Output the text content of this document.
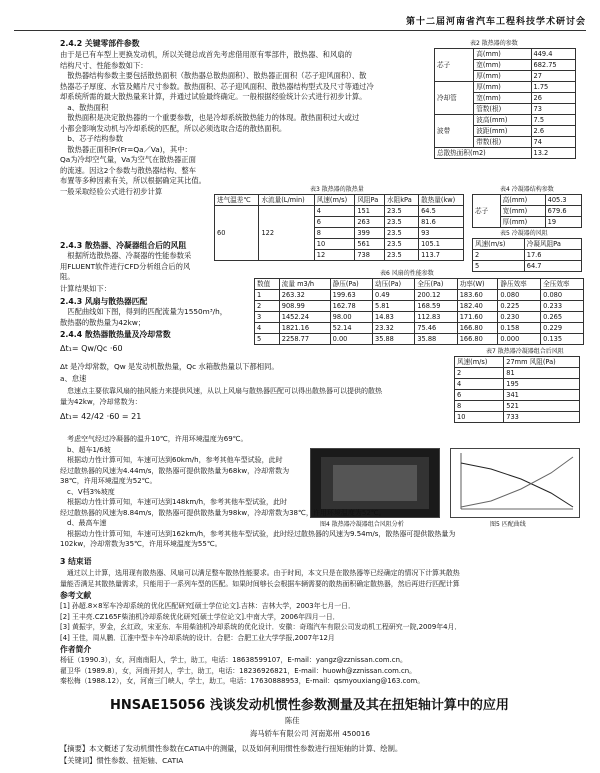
第十二届河南省汽车工程科技学术研讨会
2.4.2 关键零部件参数
由于是已有车型上更换发动机，所以关键总成首先考虑借用原有零部件，散热器、和风扇的
结构尺寸、性能参数如下：
　散热器结构参数主要包括散热面积（散热器总散热面积）、散热器正面积（芯子迎风面积）、散
热器芯子厚度、水管及鳍片尺寸参数。散热面积、芯子迎风面积、散热器结构型式及尺寸等通过冷
却系统所需的最大散热量来计算，并通过试验最终确定。一般根据经验统计公式进行初步计算。
　a、散热面积
　散热面积是决定散热器的一个重要参数，也是冷却系统散热能力的体现。散热面积过大或过
小都会影响发动机与冷却系统的匹配，所以必须选取合适的散热面积。
　b、芯子结构参数
　散热器正面积Fr(Fr=Qa／Va)，其中：
Qa为冷却空气量，Va为空气在散热器正面
的流速。因这2个参数与散热器结构、整车
布置等多种因素有关，所以根据确定其比值。
一般采取经验公式进行初步计算
表2 散热器的参数
芯子	高(mm)	449.4
	宽(mm)	682.75
	厚(mm)	27
冷却管	厚(mm)	1.75
	宽(mm)	26
	管数(根)	73
波带	波高(mm)	7.5
	波距(mm)	2.6
	带数(根)	74
总散热面积(m2)		13.2
表3 散热器的散热量
进气温差℃	水流量(L/min)	风速(m/s)	风阻Pa	水阻kPa	散热量(kw)
60	122	4	151	23.5	64.5
		6	263	23.5	81.6
		8	399	23.5	93
		10	561	23.5	105.1
		12	738	23.5	113.7
表4 冷凝器结构参数
芯子	高(mm)	405.3
	宽(mm)	679.6
	厚(mm)	19
表5 冷凝器的风阻
风速(m/s)	冷凝风阻Pa
2	17.6
5	64.7
2.4.3 散热器、冷凝器组合后的风阻
　根据所选散热器、冷凝器的性能参数采
用FLUENT软件进行CFD分析组合后的风
阻。	表6 风扇的性能参数
数值	流量 m3/h	静压(Pa)	动压(Pa)	全压(Pa)	功率(W)	静压效率	全压效率
1	263.32	199.63	0.49	200.12	183.60	0.080	0.080
2	908.99	162.78	5.81	168.59	182.40	0.225	0.233
3	1452.24	98.00	14.83	112.83	171.60	0.230	0.265
4	1821.16	52.14	23.32	75.46	166.80	0.158	0.229
5	2258.77	0.00	35.88	35.88	166.80	0.000	0.135
计算结果如下：
2.4.3 风扇与散热器匹配
　匹配曲线如下图，得到的匹配流量为1550m³/h，
散热器的散热量为42kw；
2.4.4 散热器散热量及冷却常数
Δt₁= Qw/Qc ·60
Δt 是冷却常数，Qw 是发动机散热量，Qc 水箱散热量以下都相同。
表7 散热器冷凝器组合后风阻
风速(m/s)	27mm 风阻(Pa)
2	81
4	195
6	341
8	521
10	733
a、怠速
　怠速点主要依靠风扇的抽风能力来提供风速，从以上风扇与散热器匹配可以得出散热器可以提供的散热
量为42kw，冷却常数为：
Δt₁= 42/42 ·60 = 21
图4 散热器冷凝器组合风阻分析	图5 匹配曲线
　考虑空气经过冷凝器的温升10℃，许用环境温度为69℃。
　b、超车1/6坡
　根据动力性计算可知，车速可达到60km/h，参考其他车型试验，此时
经过散热器的风速为4.44m/s，散热器可提供散热量为68kw，冷却常数为
38℃，许用环境温度为52℃。
　c、V档3%坡度
　根据动力性计算可知，车速可达到148km/h，参考其他车型试验，此时
经过散热器的风速为8.84m/s，散热器可提供散热量为98kw，冷却常数为38℃，许用环境温度为52℃。
　d、最高车速
　根据动力性计算可知，车速可达到162km/h，参考其他车型试验，此时经过散热器的风速为9.54m/s，散热器可提供散热量为
102kw，冷却常数为35℃，许用环境温度为55℃。
3 结束语
　通过以上计算，选用现有散热器、风扇可以满足整车散热性能要求。由于时间，本文只是在散热器等已经确定的情况下计算其散热
量能否满足其散热量需求，只能用于一系列车型的匹配。如果时间够长会根据车辆需要的散热面积确定散热器，然后再进行匹配计算
参考文献
[1] 孙超.8×8军车冷却系统的优化匹配研究[硕士学位论文].吉林：吉林大学，2003年七月一日．
[2] 王丰亮.CZ165F柴油机冷却系统优化研究[硕士学位论文].中南大学，2006年四月一日．
[3] 黄振宇，罗金，幺红政，宋亚东．车用柴油机冷却系统的优化设计．安徽：奇瑞汽车有限公司发动机工程研究一院,2009年4月．
[4] 王佳，周从鹏．江淮中型卡车冷却系统的设计．合肥：合肥工业大学学报,2007年12月
作者简介
杨征（1990.3），女，河南南阳人，学士，助工，电话：18638599107，E-mail：yangz@zznissan.com.cn。
翟卫华（1989.8），女，河南开封人，学士，助工，电话：18236926821，E-mail：huowh@zznissan.com.cn。
秦松梅（1988.12），女，河南三门峡人，学士，助工，电话：17630888953，E-mail：qsmyouxiang@163.com。
HNSAE15056 浅谈发动机惯性参数测量及其在扭矩轴计算中的应用
陈佳
海马轿车有限公司 河南郑州 450016
【摘要】本文概述了发动机惯性参数在CATIA中的测量，以及如何利用惯性参数进行扭矩轴的计算、绘制。
【关键词】惯性参数、扭矩轴、CATIA
